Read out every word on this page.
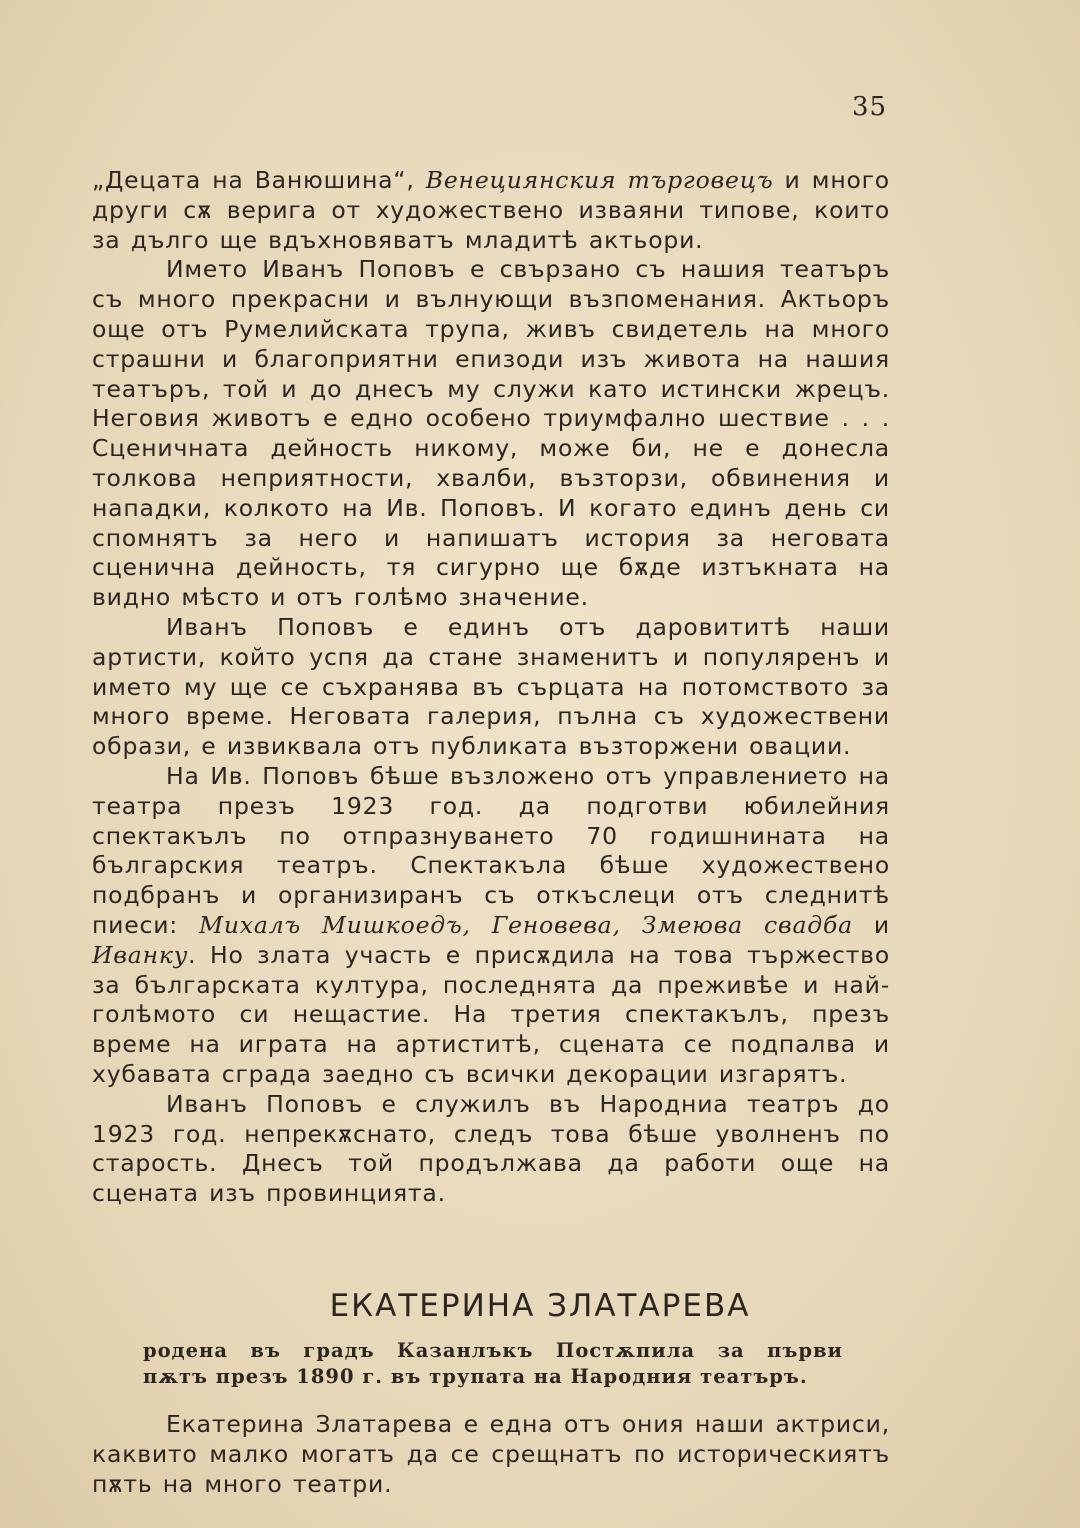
35

„Децата на Ванюшина“, Венециянския търговецъ и много други сѫ верига от художествено изваяни типове, които за дълго ще вдъхновяватъ младитѣ актьори.

Името Иванъ Поповъ е свързано съ нашия театъръ съ много прекрасни и вълнующи възпоменания. Актьоръ още отъ Румелийската трупа, живъ свидетель на много страшни и благоприятни епизоди изъ живота на нашия театъръ, той и до днесъ му служи като истински жрецъ. Неговия животъ е едно особено триумфално шествие . . . Сценичната дейность никому, може би, не е донесла толкова неприятности, хвалби, възторзи, обвинения и нападки, колкото на Ив. Поповъ. И когато единъ день си спомнятъ за него и напишатъ история за неговата сценична дейность, тя сигурно ще бѫде изтъкната на видно мѣсто и отъ голѣмо значение.

Иванъ Поповъ е единъ отъ даровититѣ наши артисти, който успя да стане знаменитъ и популяренъ и името му ще се съхранява въ сърцата на потомството за много време. Неговата галерия, пълна съ художествени образи, е извиквала отъ публиката възторжени овации.

На Ив. Поповъ бѣше възложено отъ управлението на театра презъ 1923 год. да подготви юбилейния спектакълъ по отпразнуването 70 годишнината на българския театръ. Спектакъла бѣше художествено подбранъ и организиранъ съ откъслеци отъ следнитѣ пиеси: Михалъ Мишкоедъ, Геновева, Змеюва свадба и Иванку. Но злата участь е присѫдила на това тържество за българската култура, последнята да преживѣе и най-голѣмото си нещастие. На третия спектакълъ, презъ време на играта на артиститѣ, сцената се подпалва и хубавата сграда заедно съ всички декорации изгарятъ.

Иванъ Поповъ е служилъ въ Народниа театръ до 1923 год. непрекѫснато, следъ това бѣше уволненъ по старость. Днесъ той продължава да работи още на сцената изъ провинцията.

ЕКАТЕРИНА ЗЛАТАРЕВА
родена въ градъ Казанлъкъ Постѫпила за първи
пѫтъ презъ 1890 г. въ трупата на Народния театъръ.

Екатерина Златарева е една отъ ония наши актриси, каквито малко могатъ да се срещнатъ по историческиятъ пѫть на много театри.
